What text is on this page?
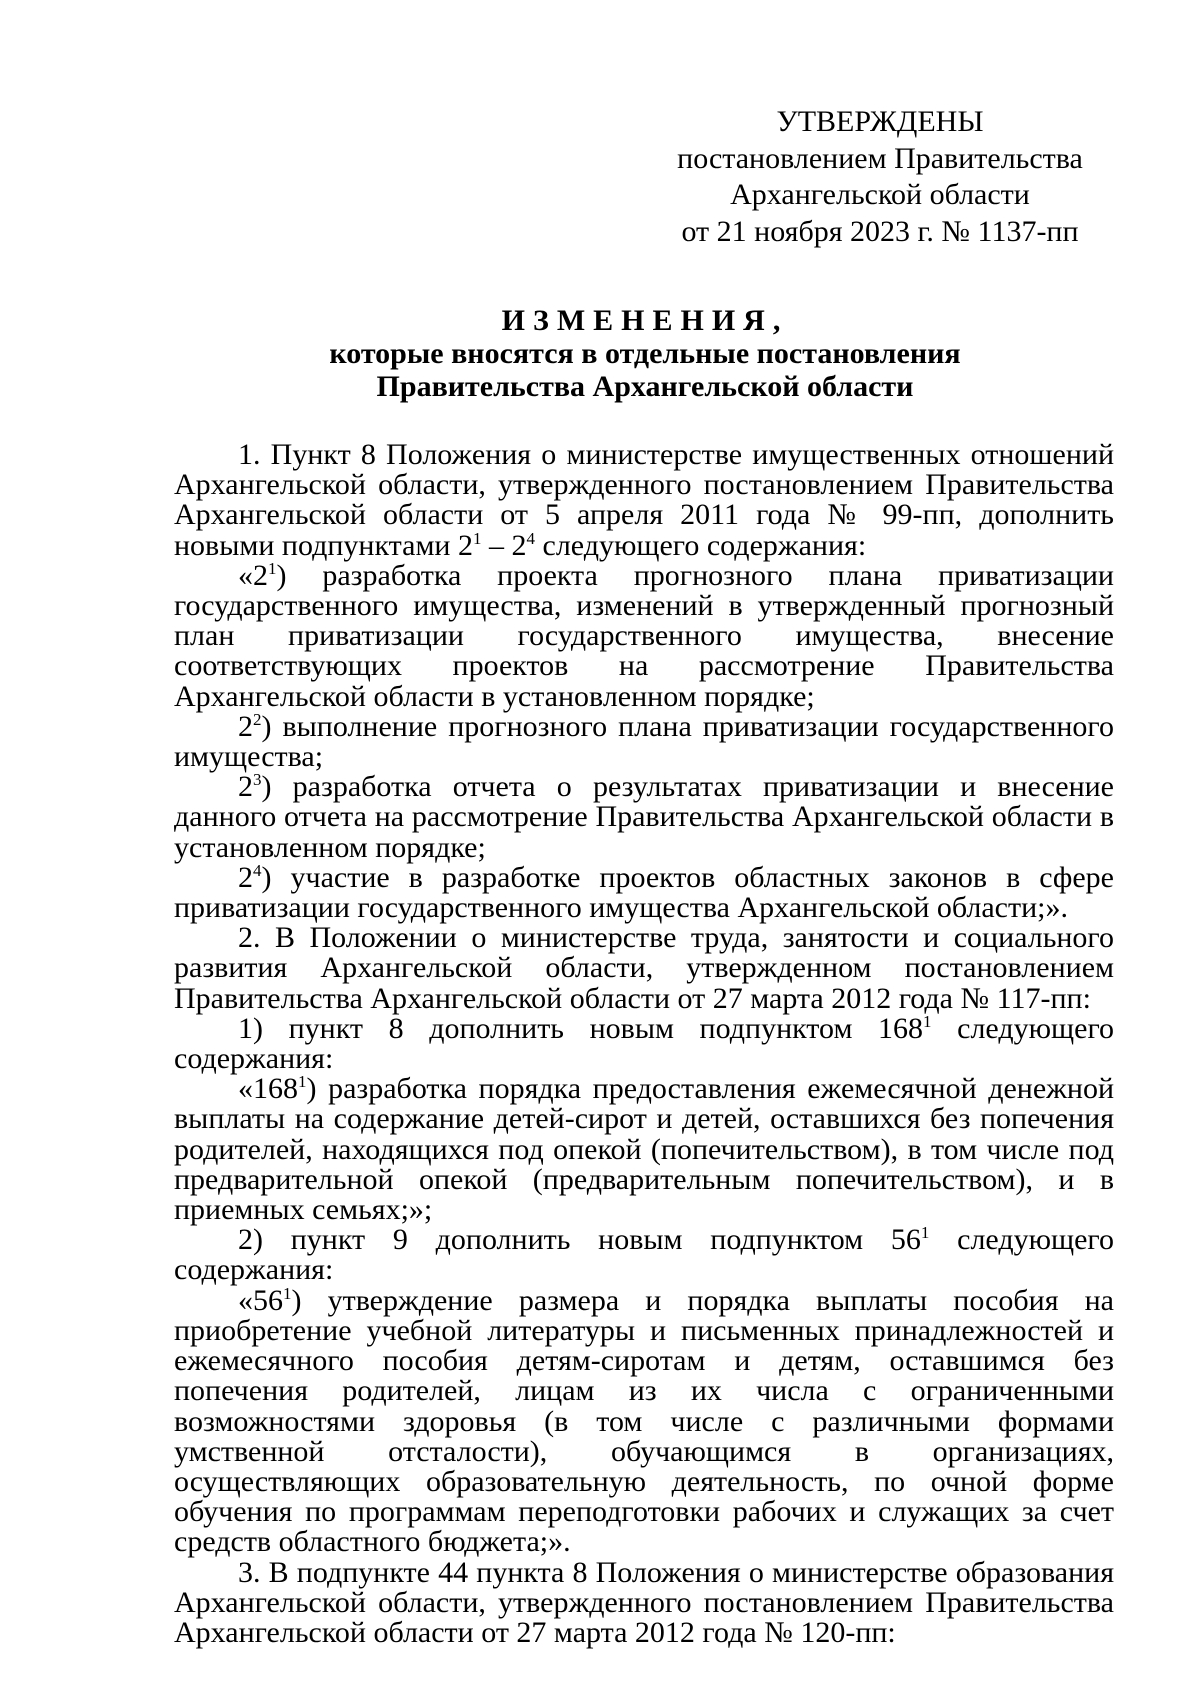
УТВЕРЖДЕНЫ
постановлением Правительства
Архангельской области
от 21 ноября 2023 г. № 1137-пп
ИЗМЕНЕНИЯ,
которые вносятся в отдельные постановления
Правительства Архангельской области

1. Пункт 8 Положения о министерстве имущественных отношений Архангельской области, утвержденного постановлением Правительства Архангельской области от 5 апреля 2011 года № 99-пп, дополнить новыми подпунктами $2^1 - 2^4$ следующего содержания:

«$2^1$) разработка проекта прогнозного плана приватизации государственного имущества, изменений в утвержденный прогнозный план приватизации государственного имущества, внесение соответствующих проектов на рассмотрение Правительства Архангельской области в установленном порядке;

$2^2$) выполнение прогнозного плана приватизации государственного имущества;

$2^3$) разработка отчета о результатах приватизации и внесение данного отчета на рассмотрение Правительства Архангельской области в установленном порядке;

$2^4$) участие в разработке проектов областных законов в сфере приватизации государственного имущества Архангельской области;».

2. В Положении о министерстве труда, занятости и социального развития Архангельской области, утвержденном постановлением Правительства Архангельской области от 27 марта 2012 года № 117-пп:

1) пункт 8 дополнить новым подпунктом $168^1$ следующего содержания:

«$168^1$) разработка порядка предоставления ежемесячной денежной выплаты на содержание детей-сирот и детей, оставшихся без попечения родителей, находящихся под опекой (попечительством), в том числе под предварительной опекой (предварительным попечительством), и в приемных семьях;»;

2) пункт 9 дополнить новым подпунктом $56^1$ следующего содержания:

«$56^1$) утверждение размера и порядка выплаты пособия на приобретение учебной литературы и письменных принадлежностей и ежемесячного пособия детям-сиротам и детям, оставшимся без попечения родителей, лицам из их числа с ограниченными возможностями здоровья (в том числе с различными формами умственной отсталости), обучающимся в организациях, осуществляющих образовательную деятельность, по очной форме обучения по программам переподготовки рабочих и служащих за счет средств областного бюджета;».

3. В подпункте 44 пункта 8 Положения о министерстве образования Архангельской области, утвержденного постановлением Правительства Архангельской области от 27 марта 2012 года № 120-пп:
